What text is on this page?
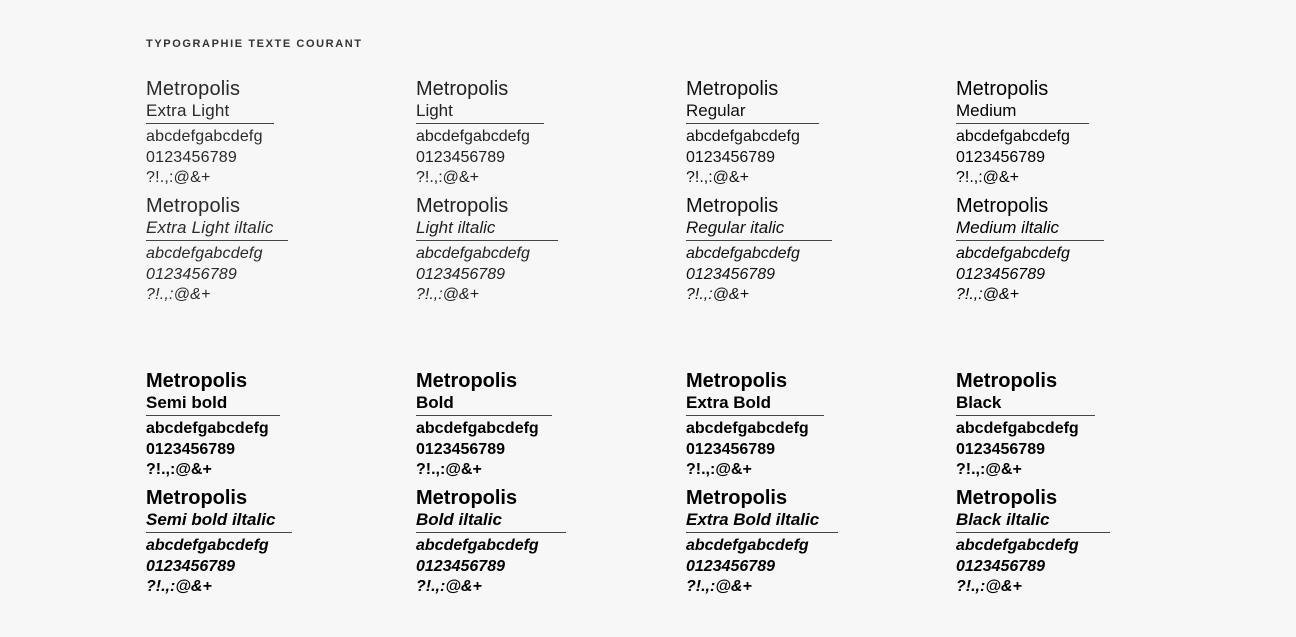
TYPOGRAPHIE TEXTE COURANT
Metropolis
Extra Light
abcdefgabcdefg
0123456789
?!.,:@&+
Metropolis
Light
abcdefgabcdefg
0123456789
?!.,:@&+
Metropolis
Regular
abcdefgabcdefg
0123456789
?!.,:@&+
Metropolis
Medium
abcdefgabcdefg
0123456789
?!.,:@&+
Metropolis
Extra Light iltalic
abcdefgabcdefg
0123456789
?!.,:@&+
Metropolis
Light iltalic
abcdefgabcdefg
0123456789
?!.,:@&+
Metropolis
Regular italic
abcdefgabcdefg
0123456789
?!.,:@&+
Metropolis
Medium iltalic
abcdefgabcdefg
0123456789
?!.,:@&+
Metropolis
Semi bold
abcdefgabcdefg
0123456789
?!.,:@&+
Metropolis
Bold
abcdefgabcdefg
0123456789
?!.,:@&+
Metropolis
Extra Bold
abcdefgabcdefg
0123456789
?!.,:@&+
Metropolis
Black
abcdefgabcdefg
0123456789
?!.,:@&+
Metropolis
Semi bold iltalic
abcdefgabcdefg
0123456789
?!.,:@&+
Metropolis
Bold iltalic
abcdefgabcdefg
0123456789
?!.,:@&+
Metropolis
Extra Bold iltalic
abcdefgabcdefg
0123456789
?!.,:@&+
Metropolis
Black iltalic
abcdefgabcdefg
0123456789
?!.,:@&+
